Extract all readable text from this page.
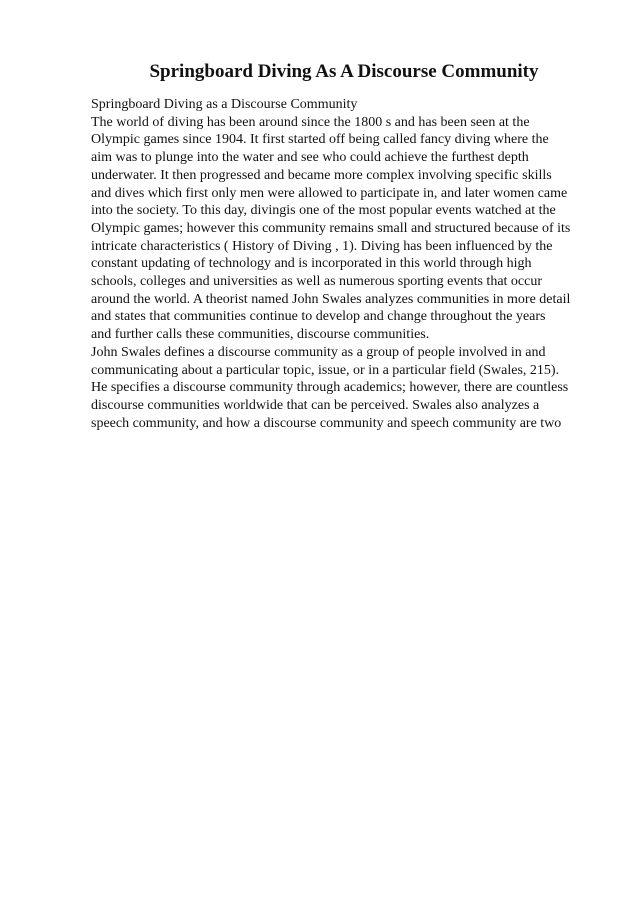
Springboard Diving As A Discourse Community
Springboard Diving as a Discourse Community
The world of diving has been around since the 1800 s and has been seen at the
Olympic games since 1904. It first started off being called fancy diving where the
aim was to plunge into the water and see who could achieve the furthest depth
underwater. It then progressed and became more complex involving specific skills
and dives which first only men were allowed to participate in, and later women came
into the society. To this day, divingis one of the most popular events watched at the
Olympic games; however this community remains small and structured because of its
intricate characteristics ( History of Diving , 1). Diving has been influenced by the
constant updating of technology and is incorporated in this world through high
schools, colleges and universities as well as numerous sporting events that occur
around the world. A theorist named John Swales analyzes communities in more detail
and states that communities continue to develop and change throughout the years
and further calls these communities, discourse communities.
John Swales defines a discourse community as a group of people involved in and
communicating about a particular topic, issue, or in a particular field (Swales, 215).
He specifies a discourse community through academics; however, there are countless
discourse communities worldwide that can be perceived. Swales also analyzes a
speech community, and how a discourse community and speech community are two
